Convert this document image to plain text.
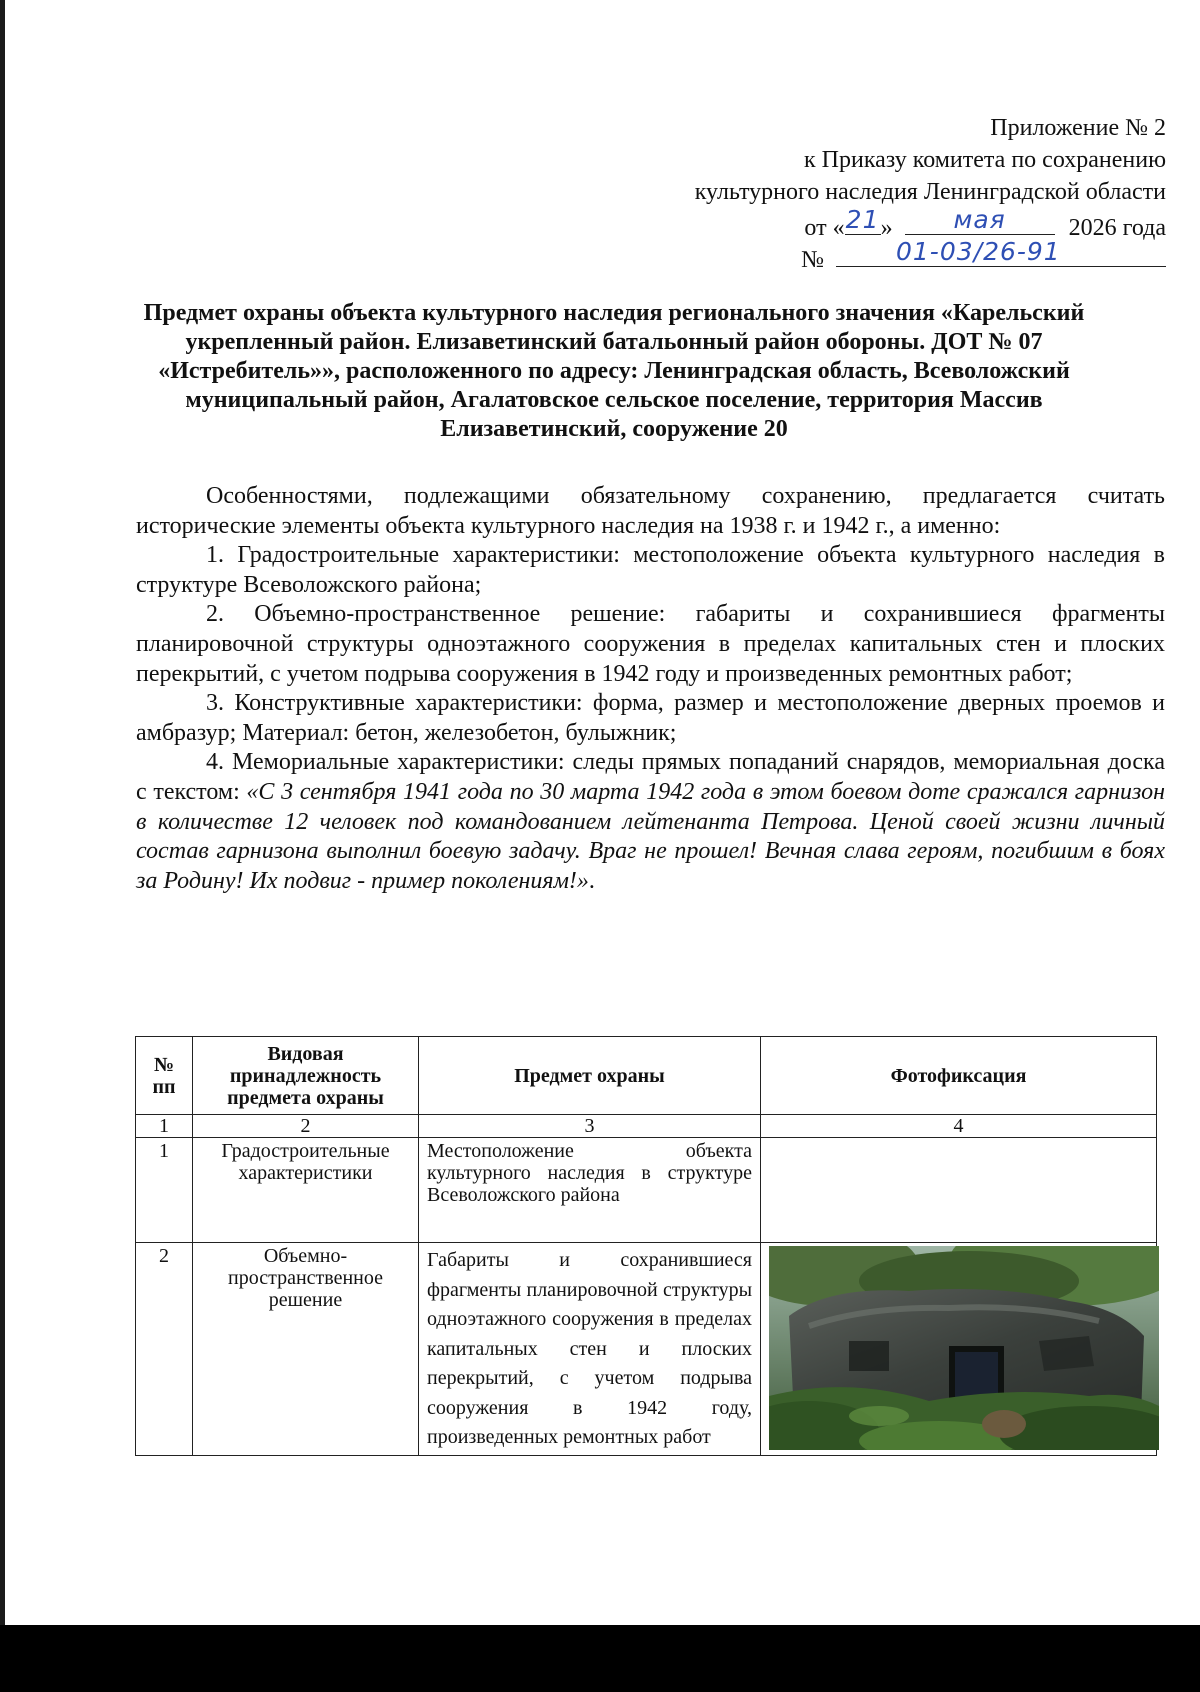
Приложение № 2
к Приказу комитета по сохранению
культурного наследия Ленинградской области
от « 21 »	мая	2026 года
№	01-03/26-91
Предмет охраны объекта культурного наследия регионального значения «Карельский укрепленный район. Елизаветинский батальонный район обороны. ДОТ № 07 «Истребитель»», расположенного по адресу: Ленинградская область, Всеволожский муниципальный район, Агалатовское сельское поселение, территория Массив Елизаветинский, сооружение 20

Особенностями, подлежащими обязательному сохранению, предлагается считать исторические элементы объекта культурного наследия на 1938 г. и 1942 г., а именно:

1. Градостроительные характеристики: местоположение объекта культурного наследия в структуре Всеволожского района;

2. Объемно-пространственное решение: габариты и сохранившиеся фрагменты планировочной структуры одноэтажного сооружения в пределах капитальных стен и плоских перекрытий, с учетом подрыва сооружения в 1942 году и произведенных ремонтных работ;

3. Конструктивные характеристики: форма, размер и местоположение дверных проемов и амбразур; Материал: бетон, железобетон, булыжник;

4. Мемориальные характеристики: следы прямых попаданий снарядов, мемориальная доска с текстом: «С 3 сентября 1941 года по 30 марта 1942 года в этом боевом доте сражался гарнизон в количестве 12 человек под командованием лейтенанта Петрова. Ценой своей жизни личный состав гарнизона выполнил боевую задачу. Враг не прошел! Вечная слава героям, погибшим в боях за Родину! Их подвиг - пример поколениям!».

№ пп	Видовая принадлежность предмета охраны	Предмет охраны	Фотофиксация
1	2	3	4
1	Градостроительные характеристики	Местоположение объекта культурного наследия в структуре Всеволожского района	
2	Объемно-пространственное решение	Габариты и сохранившиеся фрагменты планировочной структуры одноэтажного сооружения в пределах капитальных стен и плоских перекрытий, с учетом подрыва сооружения в 1942 году, произведенных ремонтных работ	
